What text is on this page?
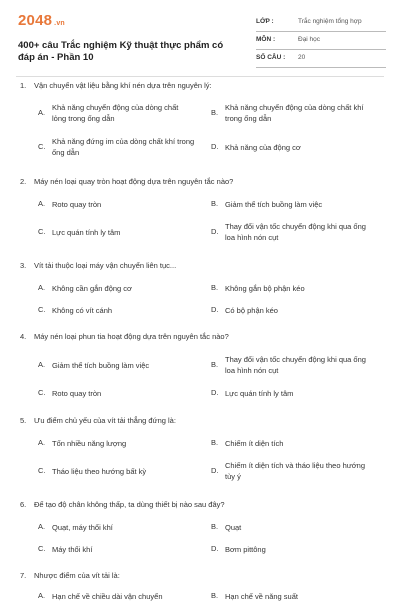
2048 .vn
400+ câu Trắc nghiệm Kỹ thuật thực phẩm có đáp án - Phần 10
LỚP :	Trắc nghiệm tổng hợp
MÔN :	Đại học
SỐ CÂU : 20
1. Vận chuyển vật liệu bằng khí nén dựa trên nguyên lý:
A.
Khả năng chuyển động của dòng chất lỏng trong ống dẫn
B.
Khả năng chuyển động của dòng chất khí trong ống dẫn
C.
Khả năng đứng im của dòng chất khí trong ống dẫn
D. Khả năng của động cơ
2. Máy nén loại quay tròn hoạt động dựa trên nguyên tắc nào?
A. Roto quay tròn	B. Giảm thể tích buồng làm việc
C. Lực quán tính ly tâm	D.
Thay đổi vận tốc chuyển động khi qua ống loa hình nón cụt
3. Vít tải thuộc loại máy vận chuyển liên tục...
A. Không cần gắn động cơ	B. Không gắn bộ phận kéo
C. Không có vít cánh	D. Có bộ phận kéo
4. Máy nén loại phun tia hoạt động dựa trên nguyên tắc nào?
A. Giảm thể tích buồng làm việc	B.
Thay đổi vận tốc chuyển động khi qua ống loa hình nón cụt
C. Roto quay tròn	D. Lực quán tính ly tâm
5. Ưu điểm chủ yếu của vít tải thẳng đứng là:
A. Tốn nhiều năng lượng	B. Chiếm ít diện tích
C. Tháo liệu theo hướng bất kỳ	D.
Chiếm ít diện tích và tháo liệu theo hướng tùy ý
6. Để tạo độ chân không thấp, ta dùng thiết bị nào sau đây?
A. Quạt, máy thổi khí	B. Quạt
C. Máy thổi khí	D. Bơm pittông
7. Nhược điểm của vít tải là:
A. Hạn chế về chiều dài vận chuyển	B. Hạn chế về năng suất
